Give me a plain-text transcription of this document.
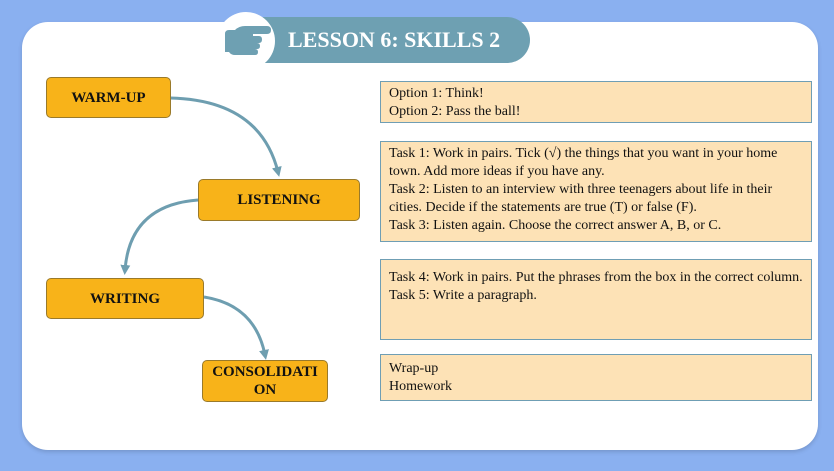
LESSON 6: SKILLS 2
WARM-UP
LISTENING
WRITING
CONSOLIDATION
Option 1: Think!
Option 2: Pass the ball!
Task 1: Work in pairs. Tick (√) the things that you want in your home town. Add more ideas if you have any.
Task 2: Listen to an interview with three teenagers about life in their cities. Decide if the statements are true (T) or false (F).
Task 3: Listen again. Choose the correct answer A, B, or C.
Task 4: Work in pairs. Put the phrases from the box in the correct column.
Task 5: Write a paragraph.
Wrap-up
Homework
